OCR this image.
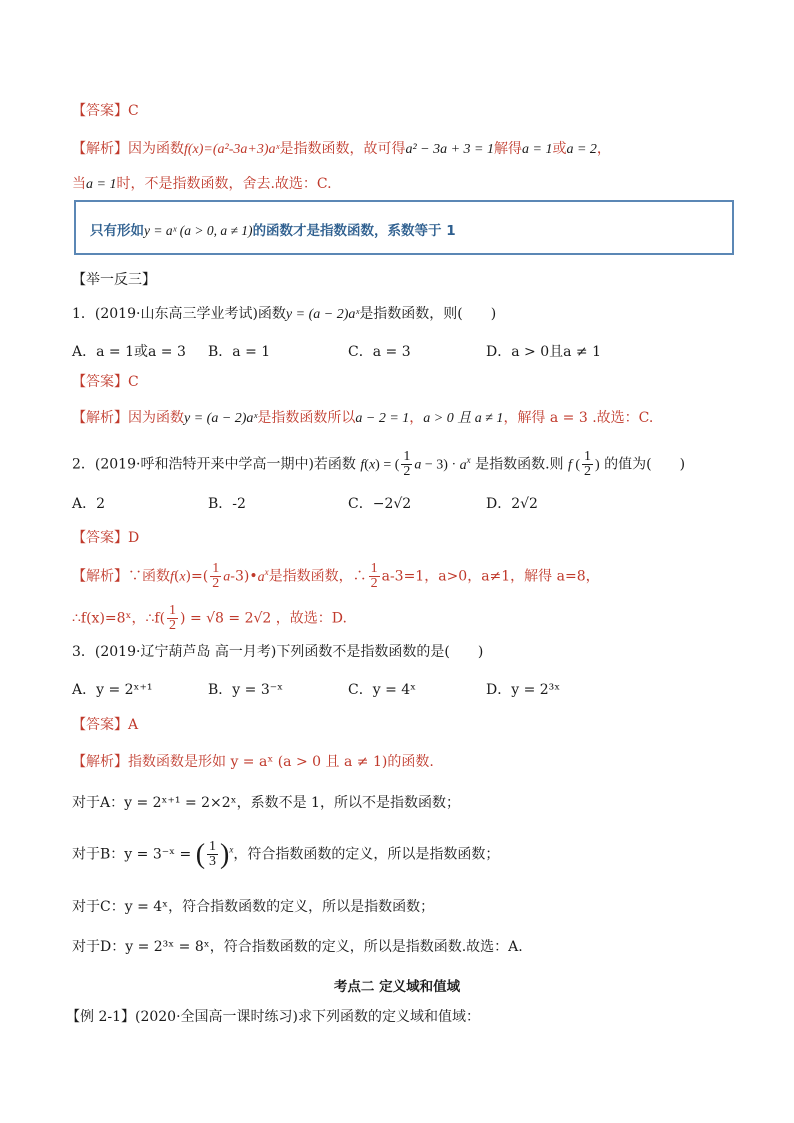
【答案】C
【解析】因为函数f(x)=(a²-3a+3)aˣ是指数函数，故可得a² − 3a + 3 = 1解得a = 1或a = 2，
当a = 1时，不是指数函数，舍去.故选：C.
只有形如y = aˣ (a > 0, a ≠ 1)的函数才是指数函数，系数等于 1
【举一反三】
1．(2019·山东高三学业考试)函数y = (a − 2)aˣ是指数函数，则(　　)
A．a = 1或a = 3 B．a = 1	C．a = 3	D．a > 0且a ≠ 1
【答案】C
【解析】因为函数y = (a − 2)aˣ是指数函数所以a − 2 = 1，a > 0 且 a ≠ 1，解得 a = 3 .故选：C.
2．(2019·呼和浩特开来中学高一期中)若函数 f(x) = ( $\frac{1}{2}$ $a - 3) \cdot a^x$ 是指数函数.则 f ( $\frac{1}{2}$ ) 的值为(　　)
A．2	B．-2	C．−2√2	D．2√2
【答案】D
【解析】∵函数$f(x)=( \frac{1}{2}$ $a-3)•a^x$是指数函数，∴ $\frac{1}{2} a-3=1$，a>0，a≠1，解得 a=8，
∴f(x)=8ˣ，∴f( $\frac{1}{2}$ ) = √8 = 2√2 ，故选：D.
3．(2019·辽宁葫芦岛 高一月考)下列函数不是指数函数的是(　　)
A．y = 2ˣ⁺¹	B．y = 3⁻ˣ	C．y = 4ˣ	D．y = 2³ˣ
【答案】A
【解析】指数函数是形如 y = aˣ (a > 0 且 a ≠ 1)的函数.
对于A：y = 2ˣ⁺¹ = 2×2ˣ，系数不是 1，所以不是指数函数；
对于B：y = 3⁻ˣ = ( $\frac{1}{3} )^x$，符合指数函数的定义，所以是指数函数；
对于C：y = 4ˣ，符合指数函数的定义，所以是指数函数；
对于D：y = 2³ˣ = 8ˣ，符合指数函数的定义，所以是指数函数.故选：A.
考点二 定义域和值域
【例 2-1】(2020·全国高一课时练习)求下列函数的定义域和值域：
